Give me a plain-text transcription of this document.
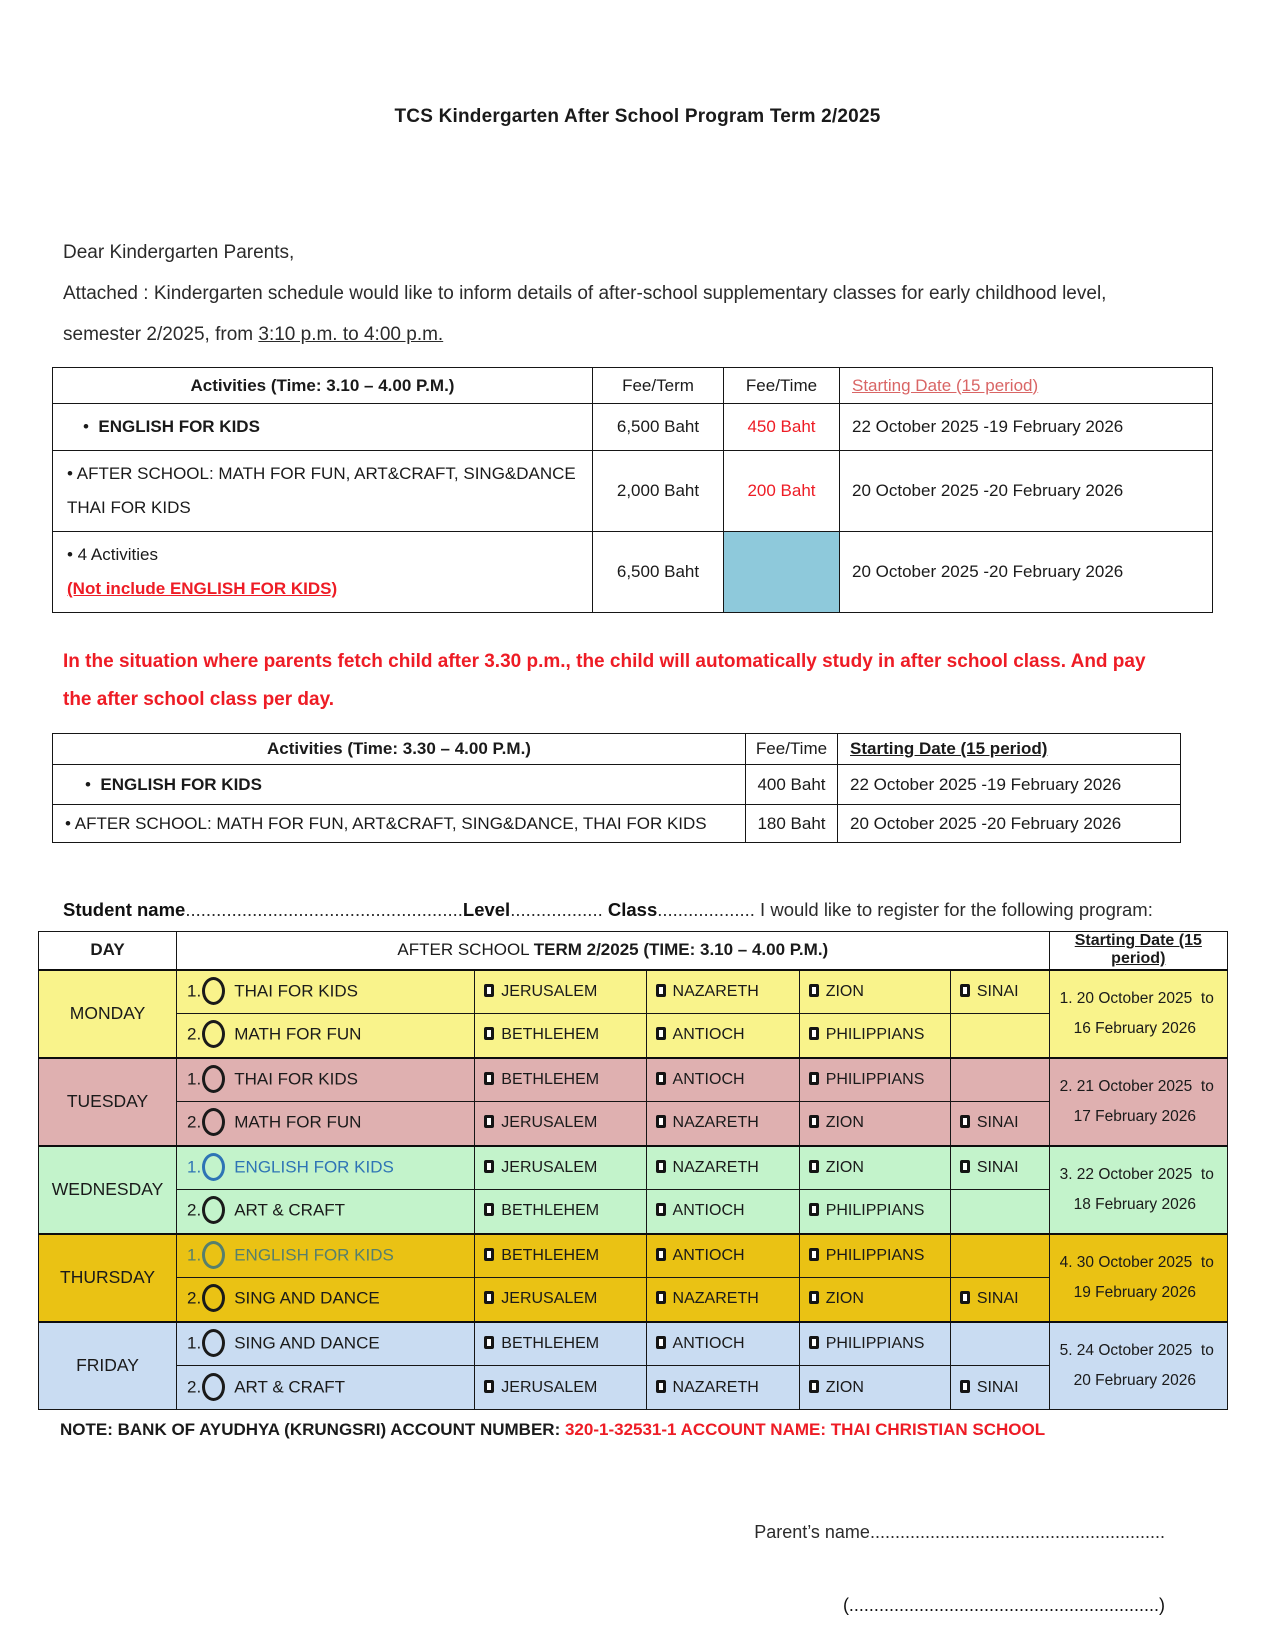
TCS Kindergarten After School Program Term 2/2025
Dear Kindergarten Parents,
Attached : Kindergarten schedule would like to inform details of after-school supplementary classes for early childhood level,
semester 2/2025, from 3:10 p.m. to 4:00 p.m.
Activities (Time: 3.10 – 4.00 P.M.)	Fee/Term	Fee/Time	Starting Date (15 period)
• ENGLISH FOR KIDS	6,500 Baht	450 Baht	22 October 2025 -19 February 2026

• AFTER SCHOOL: MATH FOR FUN, ART&CRAFT, SING&DANCE
THAI FOR KIDS	2,000 Baht	200 Baht	20 October 2025 -20 February 2026

• 4 Activities
(Not include ENGLISH FOR KIDS)	6,500 Baht		20 October 2025 -20 February 2026
In the situation where parents fetch child after 3.30 p.m., the child will automatically study in after school class. And pay
the after school class per day.
Activities (Time: 3.30 – 4.00 P.M.)	Fee/Time	Starting Date (15 period)
• ENGLISH FOR KIDS	400 Baht	22 October 2025 -19 February 2026
• AFTER SCHOOL: MATH FOR FUN, ART&CRAFT, SING&DANCE, THAI FOR KIDS	180 Baht	20 October 2025 -20 February 2026
Student name......................................................Level.................. Class................... I would like to register for the following program:
DAY	AFTER SCHOOL TERM 2/2025 (TIME: 3.10 – 4.00 P.M.)					Starting Date (15 period)
MONDAY	1. THAI FOR KIDS	JERUSALEM	NAZARETH	ZION	SINAI	1. 20 October 2025  to
16 February 2026

	2. MATH FOR FUN	BETHLEHEM	ANTIOCH	PHILIPPIANS		
TUESDAY	1. THAI FOR KIDS	BETHLEHEM	ANTIOCH	PHILIPPIANS		2. 21 October 2025  to
17 February 2026

	2. MATH FOR FUN	JERUSALEM	NAZARETH	ZION	SINAI	
WEDNESDAY	1. ENGLISH FOR KIDS	JERUSALEM	NAZARETH	ZION	SINAI	3. 22 October 2025  to
18 February 2026

	2. ART & CRAFT	BETHLEHEM	ANTIOCH	PHILIPPIANS		
THURSDAY	1. ENGLISH FOR KIDS	BETHLEHEM	ANTIOCH	PHILIPPIANS		4. 30 October 2025  to
19 February 2026

	2. SING AND DANCE	JERUSALEM	NAZARETH	ZION	SINAI	
FRIDAY	1. SING AND DANCE	BETHLEHEM	ANTIOCH	PHILIPPIANS		5. 24 October 2025  to
20 February 2026

	2. ART & CRAFT	JERUSALEM	NAZARETH	ZION	SINAI	
NOTE: BANK OF AYUDHYA (KRUNGSRI) ACCOUNT NUMBER: 320-1-32531-1 ACCOUNT NAME: THAI CHRISTIAN SCHOOL
Parent’s name...........................................................
(..............................................................)
